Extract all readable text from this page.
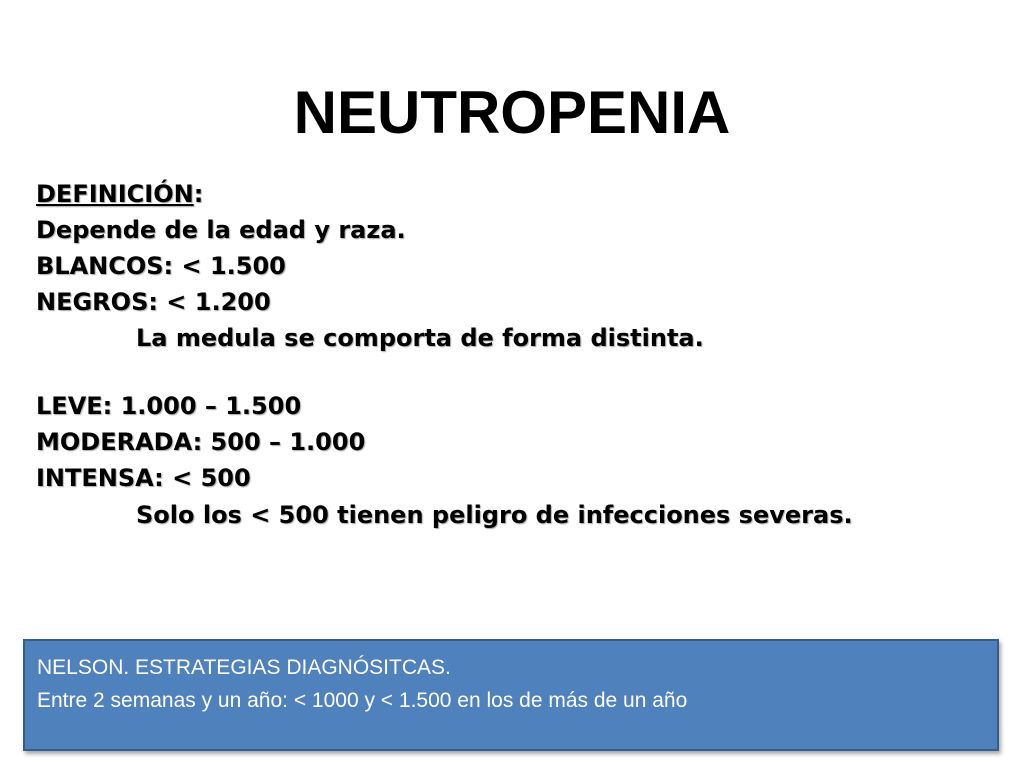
NEUTROPENIA
DEFINICIÓN:
Depende de la edad y raza.
BLANCOS: < 1.500
NEGROS: < 1.200
La medula se comporta de forma distinta.
LEVE: 1.000 – 1.500
MODERADA: 500 – 1.000
INTENSA: < 500
Solo los < 500 tienen peligro de infecciones severas.
NELSON. ESTRATEGIAS DIAGNÓSITCAS.
Entre 2 semanas y un año: < 1000 y < 1.500 en los de más de un año
